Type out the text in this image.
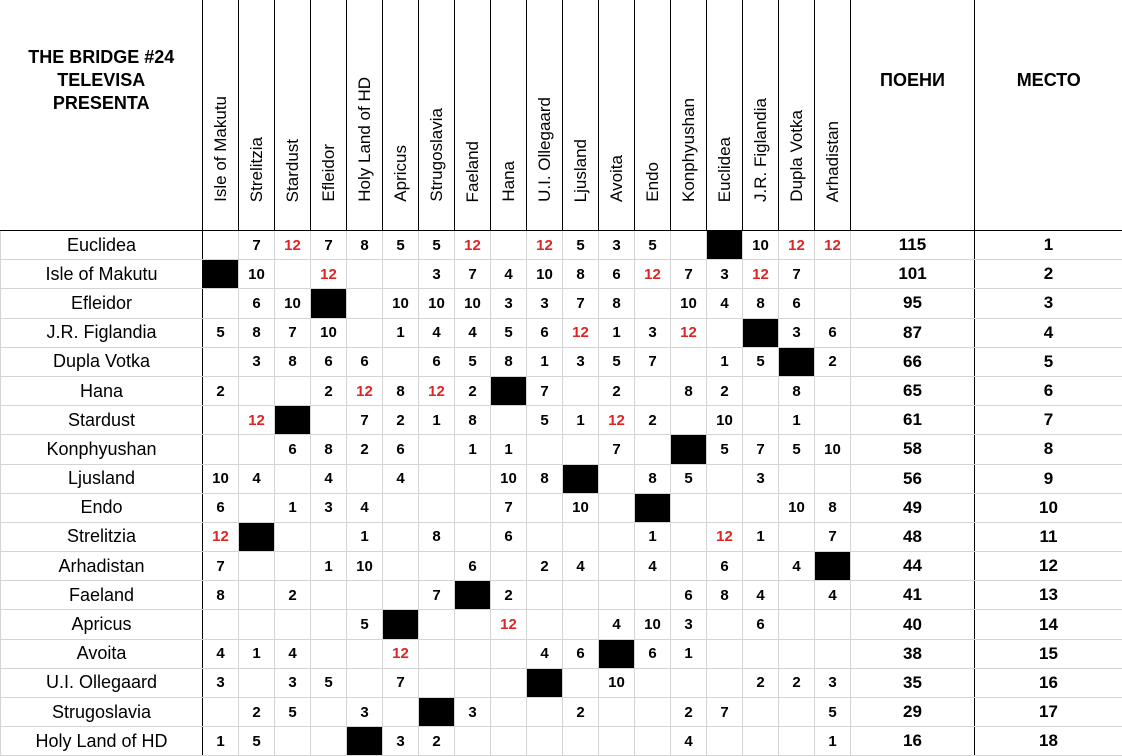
THE BRIDGE #24
TELEVISA
PRESENTA	Isle of Makutu	Strelitzia	Stardust	Efleidor	Holy Land of HD	Apricus	Strugoslavia	Faeland	Hana	U.I. Ollegaard	Ljusland	Avoita	Endo	Konphyushan	Euclidea	J.R. Figlandia	Dupla Votka	Arhadistan	ПОЕНИ	МЕСТО
Euclidea		7	12	7	8	5	5	12		12	5	3	5			10	12	12	115	1
Isle of Makutu		10		12			3	7	4	10	8	6	12	7	3	12	7		101	2
Efleidor		6	10			10	10	10	3	3	7	8		10	4	8	6		95	3
J.R. Figlandia	5	8	7	10		1	4	4	5	6	12	1	3	12			3	6	87	4
Dupla Votka		3	8	6	6		6	5	8	1	3	5	7		1	5		2	66	5
Hana	2			2	12	8	12	2		7		2		8	2		8		65	6
Stardust		12			7	2	1	8		5	1	12	2		10		1		61	7
Konphyushan			6	8	2	6		1	1			7			5	7	5	10	58	8
Ljusland	10	4		4		4			10	8			8	5		3			56	9
Endo	6		1	3	4				7		10						10	8	49	10
Strelitzia	12				1		8		6				1		12	1		7	48	11
Arhadistan	7			1	10			6		2	4		4		6		4		44	12
Faeland	8		2				7		2					6	8	4		4	41	13
Apricus					5				12			4	10	3		6			40	14
Avoita	4	1	4			12				4	6		6	1					38	15
U.I. Ollegaard	3		3	5		7						10				2	2	3	35	16
Strugoslavia		2	5		3			3			2			2	7			5	29	17
Holy Land of HD	1	5				3	2							4				1	16	18
